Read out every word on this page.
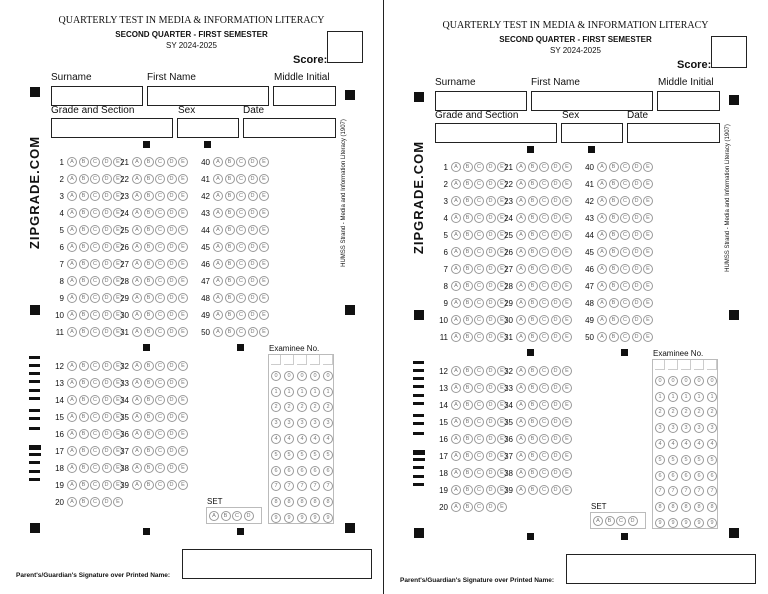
QUARTERLY TEST IN MEDIA & INFORMATION LITERACY
SECOND QUARTER - FIRST SEMESTER
SY 2024-2025
Score:
Surname	First Name	Middle Initial
Grade and Section	Sex	Date
ZIPGRADE.COM	HUMSS Strand - Media and Information Literacy (1907)
1	A	B	C	D	E
2	A	B	C	D	E
3	A	B	C	D	E
4	A	B	C	D	E
5	A	B	C	D	E
6	A	B	C	D	E
7	A	B	C	D	E
8	A	B	C	D	E
9	A	B	C	D	E
10	A	B	C	D	E
11	A	B	C	D	E
21	A	B	C	D	E
22	A	B	C	D	E
23	A	B	C	D	E
24	A	B	C	D	E
25	A	B	C	D	E
26	A	B	C	D	E
27	A	B	C	D	E
28	A	B	C	D	E
29	A	B	C	D	E
30	A	B	C	D	E
31	A	B	C	D	E
40	A	B	C	D	E
41	A	B	C	D	E
42	A	B	C	D	E
43	A	B	C	D	E
44	A	B	C	D	E
45	A	B	C	D	E
46	A	B	C	D	E
47	A	B	C	D	E
48	A	B	C	D	E
49	A	B	C	D	E
50	A	B	C	D	E
12	A	B	C	D	E
13	A	B	C	D	E
14	A	B	C	D	E
15	A	B	C	D	E
16	A	B	C	D	E
17	A	B	C	D	E
18	A	B	C	D	E
19	A	B	C	D	E
20	A	B	C	D	E
32	A	B	C	D	E
33	A	B	C	D	E
34	A	B	C	D	E
35	A	B	C	D	E
36	A	B	C	D	E
37	A	B	C	D	E
38	A	B	C	D	E
39	A	B	C	D	E
Examinee No.
0
1
2
3
4
5
6
7
8
9
0
1
2
3
4
5
6
7
8
9
0
1
2
3
4
5
6
7
8
9
0
1
2
3
4
5
6
7
8
9
0
1
2
3
4
5
6
7
8
9
SET
A	B	C	D
Parent's/Guardian's Signature over Printed Name:
QUARTERLY TEST IN MEDIA & INFORMATION LITERACY
SECOND QUARTER - FIRST SEMESTER
SY 2024-2025
Score:
Surname	First Name	Middle Initial
Grade and Section	Sex	Date
ZIPGRADE.COM	HUMSS Strand - Media and Information Literacy (1907)
1	A	B	C	D	E
2	A	B	C	D	E
3	A	B	C	D	E
4	A	B	C	D	E
5	A	B	C	D	E
6	A	B	C	D	E
7	A	B	C	D	E
8	A	B	C	D	E
9	A	B	C	D	E
10	A	B	C	D	E
11	A	B	C	D	E
21	A	B	C	D	E
22	A	B	C	D	E
23	A	B	C	D	E
24	A	B	C	D	E
25	A	B	C	D	E
26	A	B	C	D	E
27	A	B	C	D	E
28	A	B	C	D	E
29	A	B	C	D	E
30	A	B	C	D	E
31	A	B	C	D	E
40	A	B	C	D	E
41	A	B	C	D	E
42	A	B	C	D	E
43	A	B	C	D	E
44	A	B	C	D	E
45	A	B	C	D	E
46	A	B	C	D	E
47	A	B	C	D	E
48	A	B	C	D	E
49	A	B	C	D	E
50	A	B	C	D	E
12	A	B	C	D	E
13	A	B	C	D	E
14	A	B	C	D	E
15	A	B	C	D	E
16	A	B	C	D	E
17	A	B	C	D	E
18	A	B	C	D	E
19	A	B	C	D	E
20	A	B	C	D	E
32	A	B	C	D	E
33	A	B	C	D	E
34	A	B	C	D	E
35	A	B	C	D	E
36	A	B	C	D	E
37	A	B	C	D	E
38	A	B	C	D	E
39	A	B	C	D	E
Examinee No.
0
1
2
3
4
5
6
7
8
9
0
1
2
3
4
5
6
7
8
9
0
1
2
3
4
5
6
7
8
9
0
1
2
3
4
5
6
7
8
9
0
1
2
3
4
5
6
7
8
9
SET
A	B	C	D
Parent's/Guardian's Signature over Printed Name:
